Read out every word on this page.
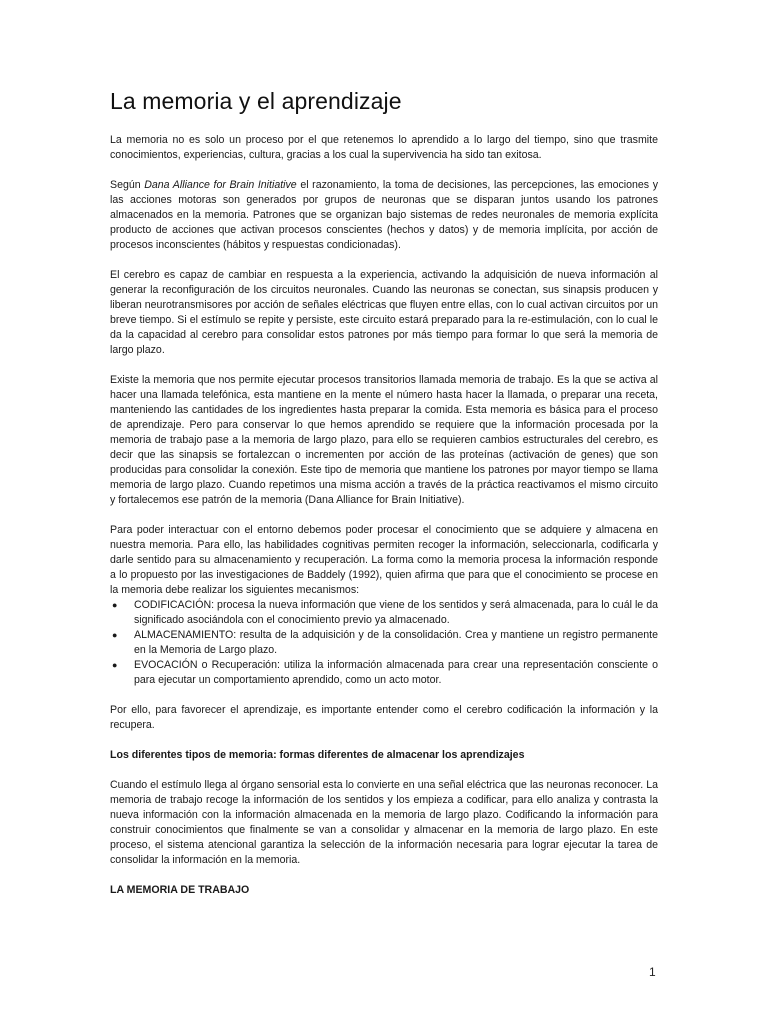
La memoria y el aprendizaje

La memoria no es solo un proceso por el que retenemos lo aprendido a lo largo del tiempo, sino que trasmite conocimientos, experiencias, cultura, gracias a los cual la supervivencia ha sido tan exitosa.

Según Dana Alliance for Brain Initiative el razonamiento, la toma de decisiones, las percepciones, las emociones y las acciones motoras son generados por grupos de neuronas que se disparan juntos usando los patrones almacenados en la memoria. Patrones que se organizan bajo sistemas de redes neuronales de memoria explícita producto de acciones que activan procesos conscientes (hechos y datos) y de memoria implícita, por acción de procesos inconscientes (hábitos y respuestas condicionadas).

El cerebro es capaz de cambiar en respuesta a la experiencia, activando la adquisición de nueva información al generar la reconfiguración de los circuitos neuronales. Cuando las neuronas se conectan, sus sinapsis producen y liberan neurotransmisores por acción de señales eléctricas que fluyen entre ellas, con lo cual activan circuitos por un breve tiempo. Si el estímulo se repite y persiste, este circuito estará preparado para la re-estimulación, con lo cual le da la capacidad al cerebro para consolidar estos patrones por más tiempo para formar lo que será la memoria de largo plazo.

Existe la memoria que nos permite ejecutar procesos transitorios llamada memoria de trabajo. Es la que se activa al hacer una llamada telefónica, esta mantiene en la mente el número hasta hacer la llamada, o preparar una receta, manteniendo las cantidades de los ingredientes hasta preparar la comida. Esta memoria es básica para el proceso de aprendizaje. Pero para conservar lo que hemos aprendido se requiere que la información procesada por la memoria de trabajo pase a la memoria de largo plazo, para ello se requieren cambios estructurales del cerebro, es decir que las sinapsis se fortalezcan o incrementen por acción de las proteínas (activación de genes) que son producidas para consolidar la conexión. Este tipo de memoria que mantiene los patrones por mayor tiempo se llama memoria de largo plazo. Cuando repetimos una misma acción a través de la práctica reactivamos el mismo circuito y fortalecemos ese patrón de la memoria (Dana Alliance for Brain Initiative).

Para poder interactuar con el entorno debemos poder procesar el conocimiento que se adquiere y almacena en nuestra memoria. Para ello, las habilidades cognitivas permiten recoger la información, seleccionarla, codificarla y darle sentido para su almacenamiento y recuperación. La forma como la memoria procesa la información responde a lo propuesto por las investigaciones de Baddely (1992), quien afirma que para que el conocimiento se procese en la memoria debe realizar los siguientes mecanismos:

● CODIFICACIÓN: procesa la nueva información que viene de los sentidos y será almacenada, para lo cuál le da significado asociándola con el conocimiento previo ya almacenado.
● ALMACENAMIENTO: resulta de la adquisición y de la consolidación. Crea y mantiene un registro permanente en la Memoria de Largo plazo.
● EVOCACIÓN o Recuperación: utiliza la información almacenada para crear una representación consciente o para ejecutar un comportamiento aprendido, como un acto motor.

Por ello, para favorecer el aprendizaje, es importante entender como el cerebro codificación la información y la recupera.

Los diferentes tipos de memoria: formas diferentes de almacenar los aprendizajes

Cuando el estímulo llega al órgano sensorial esta lo convierte en una señal eléctrica que las neuronas reconocer. La memoria de trabajo recoge la información de los sentidos y los empieza a codificar, para ello analiza y contrasta la nueva información con la información almacenada en la memoria de largo plazo. Codificando la información para construir conocimientos que finalmente se van a consolidar y almacenar en la memoria de largo plazo. En este proceso, el sistema atencional garantiza la selección de la información necesaria para lograr ejecutar la tarea de consolidar la información en la memoria.

LA MEMORIA DE TRABAJO

1
